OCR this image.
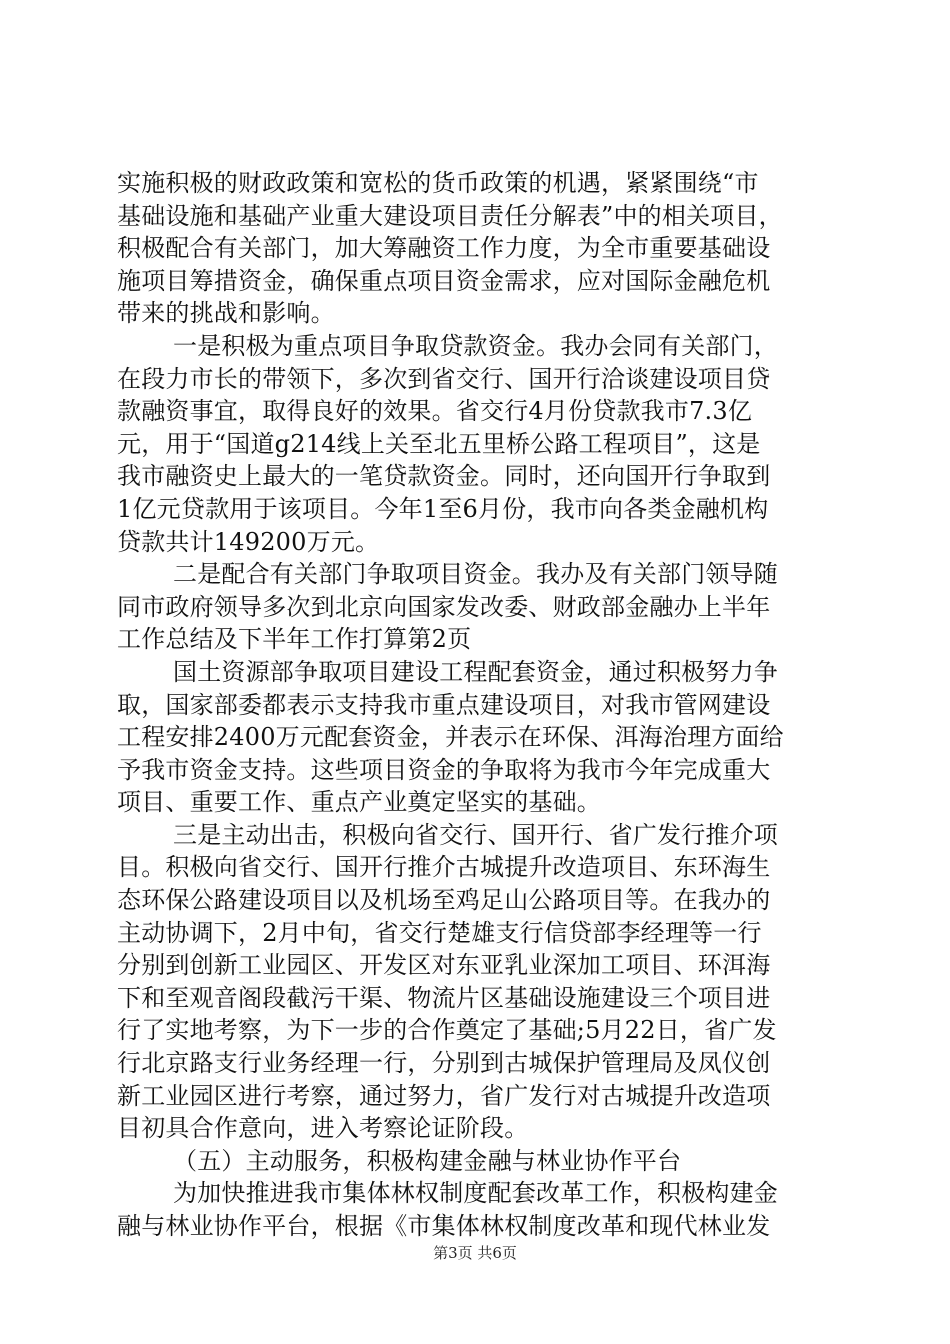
实施积极的财政政策和宽松的货币政策的机遇，紧紧围绕“市
基础设施和基础产业重大建设项目责任分解表”中的相关项目，
积极配合有关部门，加大筹融资工作力度，为全市重要基础设
施项目筹措资金，确保重点项目资金需求，应对国际金融危机
带来的挑战和影响。
一是积极为重点项目争取贷款资金。我办会同有关部门，
在段力市长的带领下，多次到省交行、国开行洽谈建设项目贷
款融资事宜，取得良好的效果。省交行4月份贷款我市7.3亿
元，用于“国道g214线上关至北五里桥公路工程项目”，这是
我市融资史上最大的一笔贷款资金。同时，还向国开行争取到
1亿元贷款用于该项目。今年1至6月份，我市向各类金融机构
贷款共计149200万元。
二是配合有关部门争取项目资金。我办及有关部门领导随
同市政府领导多次到北京向国家发改委、财政部金融办上半年
工作总结及下半年工作打算第2页
国土资源部争取项目建设工程配套资金，通过积极努力争
取，国家部委都表示支持我市重点建设项目，对我市管网建设
工程安排2400万元配套资金，并表示在环保、洱海治理方面给
予我市资金支持。这些项目资金的争取将为我市今年完成重大
项目、重要工作、重点产业奠定坚实的基础。
三是主动出击，积极向省交行、国开行、省广发行推介项
目。积极向省交行、国开行推介古城提升改造项目、东环海生
态环保公路建设项目以及机场至鸡足山公路项目等。在我办的
主动协调下，2月中旬，省交行楚雄支行信贷部李经理等一行
分别到创新工业园区、开发区对东亚乳业深加工项目、环洱海
下和至观音阁段截污干渠、物流片区基础设施建设三个项目进
行了实地考察，为下一步的合作奠定了基础;5月22日，省广发
行北京路支行业务经理一行，分别到古城保护管理局及凤仪创
新工业园区进行考察，通过努力，省广发行对古城提升改造项
目初具合作意向，进入考察论证阶段。
（五）主动服务，积极构建金融与林业协作平台
为加快推进我市集体林权制度配套改革工作，积极构建金
融与林业协作平台，根据《市集体林权制度改革和现代林业发
第3页 共6页
